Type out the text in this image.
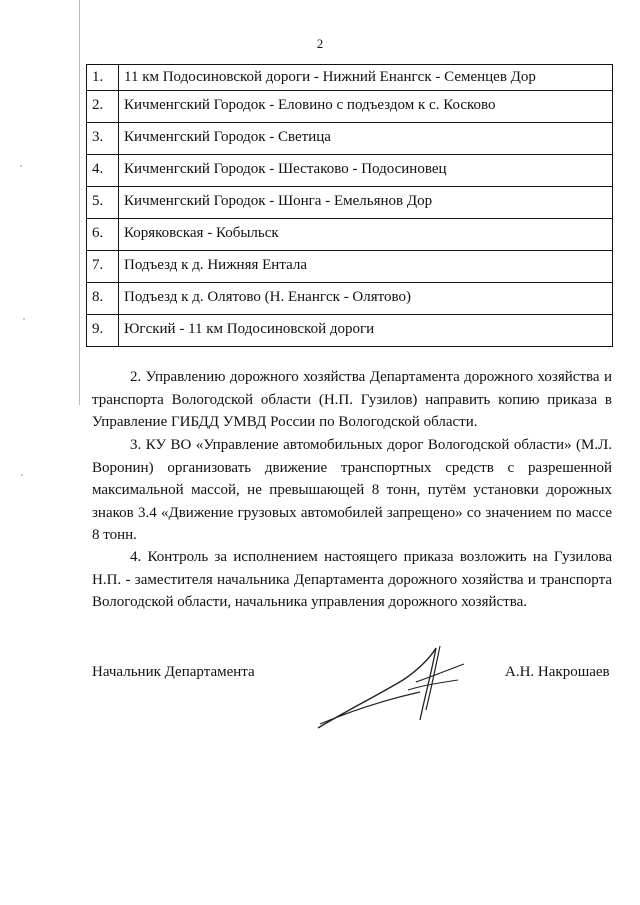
2
1.	11 км Подосиновской дороги - Нижний Енангск - Семенцев Дор
2.	Кичменгский Городок - Еловино с подъездом к с. Косково
3.	Кичменгский Городок - Светица
4.	Кичменгский Городок - Шестаково - Подосиновец
5.	Кичменгский Городок - Шонга - Емельянов Дор
6.	Коряковская - Кобыльск
7.	Подъезд к д. Нижняя Ентала
8.	Подъезд к д. Олятово (Н. Енангск - Олятово)
9.	Югский - 11 км Подосиновской дороги

2. Управлению дорожного хозяйства Департамента дорожного хозяйства и транспорта Вологодской области (Н.П. Гузилов) направить копию приказа в Управление ГИБДД УМВД России по Вологодской области.

3. КУ ВО «Управление автомобильных дорог Вологодской области» (М.Л. Воронин) организовать движение транспортных средств с разрешенной максимальной массой, не превышающей 8 тонн, путём установки дорожных знаков 3.4 «Движение грузовых автомобилей запрещено» со значением по массе 8 тонн.

4. Контроль за исполнением настоящего приказа возложить на Гузилова Н.П. - заместителя начальника Департамента дорожного хозяйства и транспорта Вологодской области, начальника управления дорожного хозяйства.

Начальник Департамента	А.Н. Накрошаев
